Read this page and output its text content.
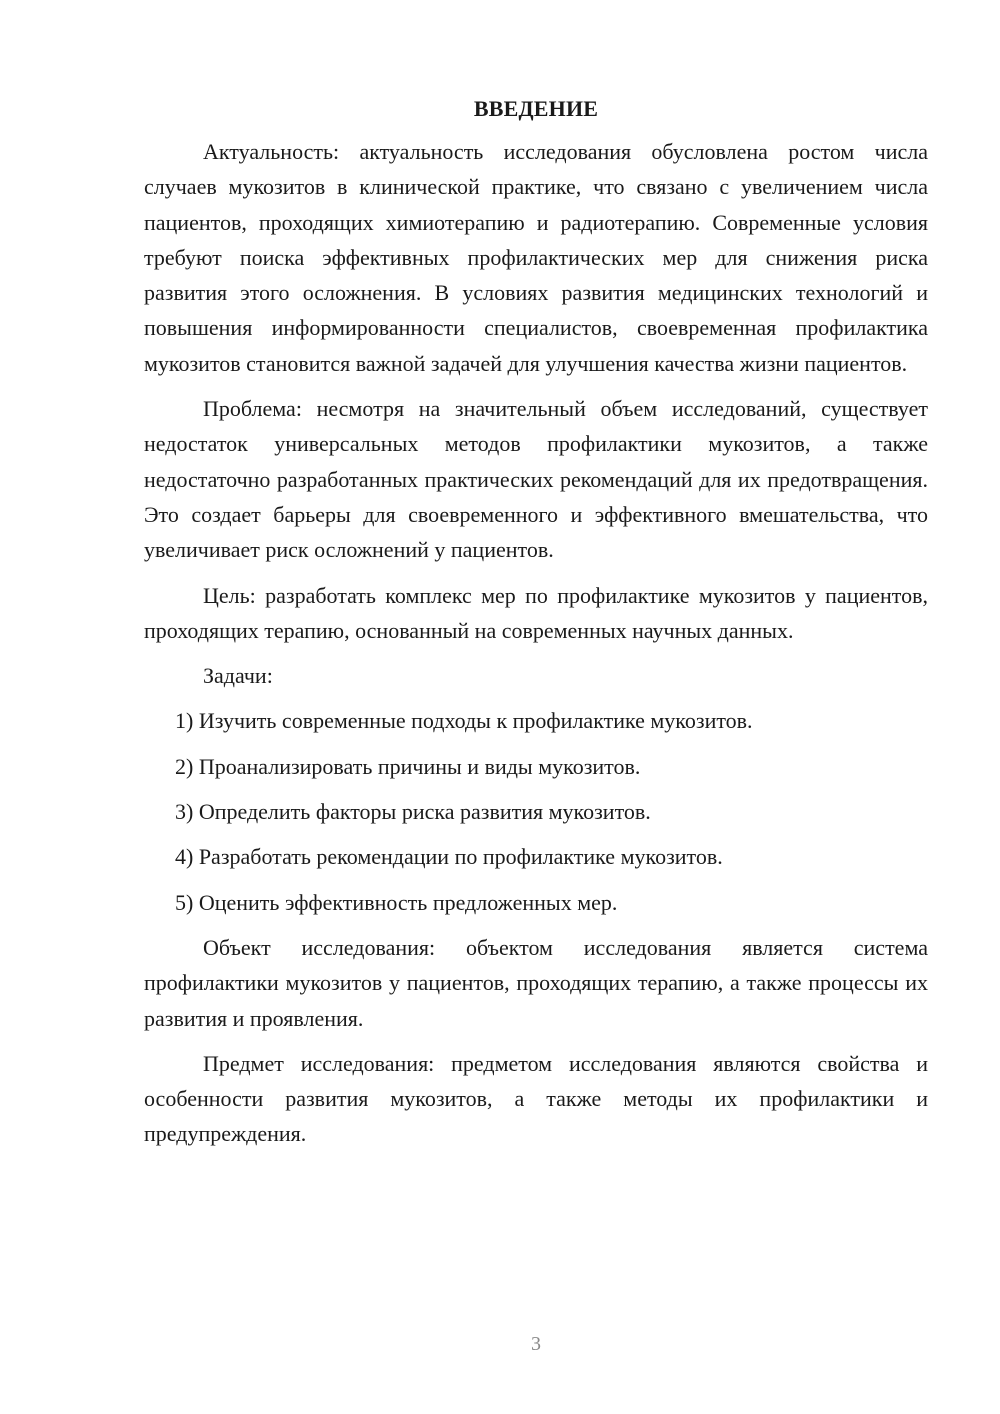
ВВЕДЕНИЕ

Актуальность: актуальность исследования обусловлена ростом числа случаев мукозитов в клинической практике, что связано с увеличением числа пациентов, проходящих химиотерапию и радиотерапию. Современные условия требуют поиска эффективных профилактических мер для снижения риска развития этого осложнения. В условиях развития медицинских технологий и повышения информированности специалистов, своевременная профилактика мукозитов становится важной задачей для улучшения качества жизни пациентов.

Проблема: несмотря на значительный объем исследований, существует недостаток универсальных методов профилактики мукозитов, а также недостаточно разработанных практических рекомендаций для их предотвращения. Это создает барьеры для своевременного и эффективного вмешательства, что увеличивает риск осложнений у пациентов.

Цель: разработать комплекс мер по профилактике мукозитов у пациентов, проходящих терапию, основанный на современных научных данных.

Задачи:

1) Изучить современные подходы к профилактике мукозитов.
2) Проанализировать причины и виды мукозитов.
3) Определить факторы риска развития мукозитов.
4) Разработать рекомендации по профилактике мукозитов.
5) Оценить эффективность предложенных мер.

Объект исследования: объектом исследования является система профилактики мукозитов у пациентов, проходящих терапию, а также процессы их развития и проявления.

Предмет исследования: предметом исследования являются свойства и особенности развития мукозитов, а также методы их профилактики и предупреждения.

3
